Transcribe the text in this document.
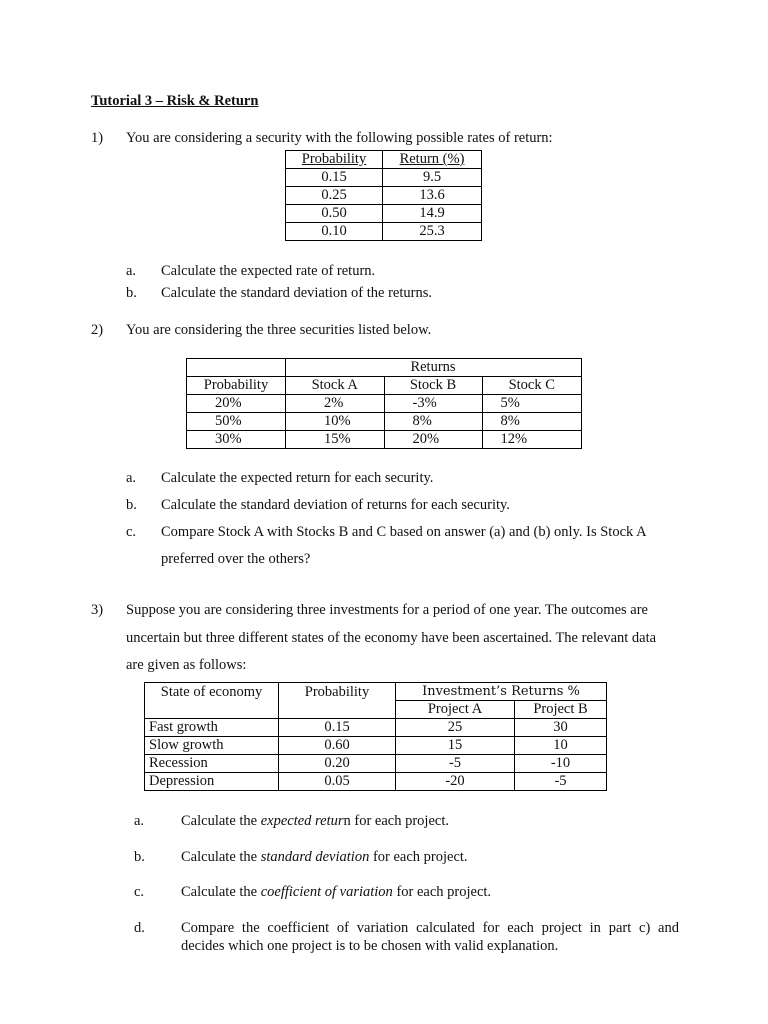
Tutorial 3 – Risk & Return
1) You are considering a security with the following possible rates of return:
Probability	Return (%)
0.15	9.5
0.25	13.6
0.50	14.9
0.10	25.3
a. Calculate the expected rate of return.
b. Calculate the standard deviation of the returns.
2) You are considering the three securities listed below.
		Returns	
Probability	Stock A	Stock B	Stock C
20%	2%	-3%	5%
50%	10%	8%	8%
30%	15%	20%	12%
a. Calculate the expected return for each security.
b. Calculate the standard deviation of returns for each security.
c. Compare Stock A with Stocks B and C based on answer (a) and (b) only. Is Stock A
preferred over the others?
3) Suppose you are considering three investments for a period of one year. The outcomes are
uncertain but three different states of the economy have been ascertained. The relevant data
are given as follows:
State of economy	Probability	Investment’s Returns %	
		Project A	Project B
Fast growth	0.15	25	30
Slow growth	0.60	15	10
Recession	0.20	-5	-10
Depression	0.05	-20	-5
a.	Calculate the expected return for each project.
b. Calculate the standard deviation for each project.
c.	Calculate the coefficient of variation for each project.
d. Compare the coefficient of variation calculated for each project in part c) and
decides which one project is to be chosen with valid explanation.
